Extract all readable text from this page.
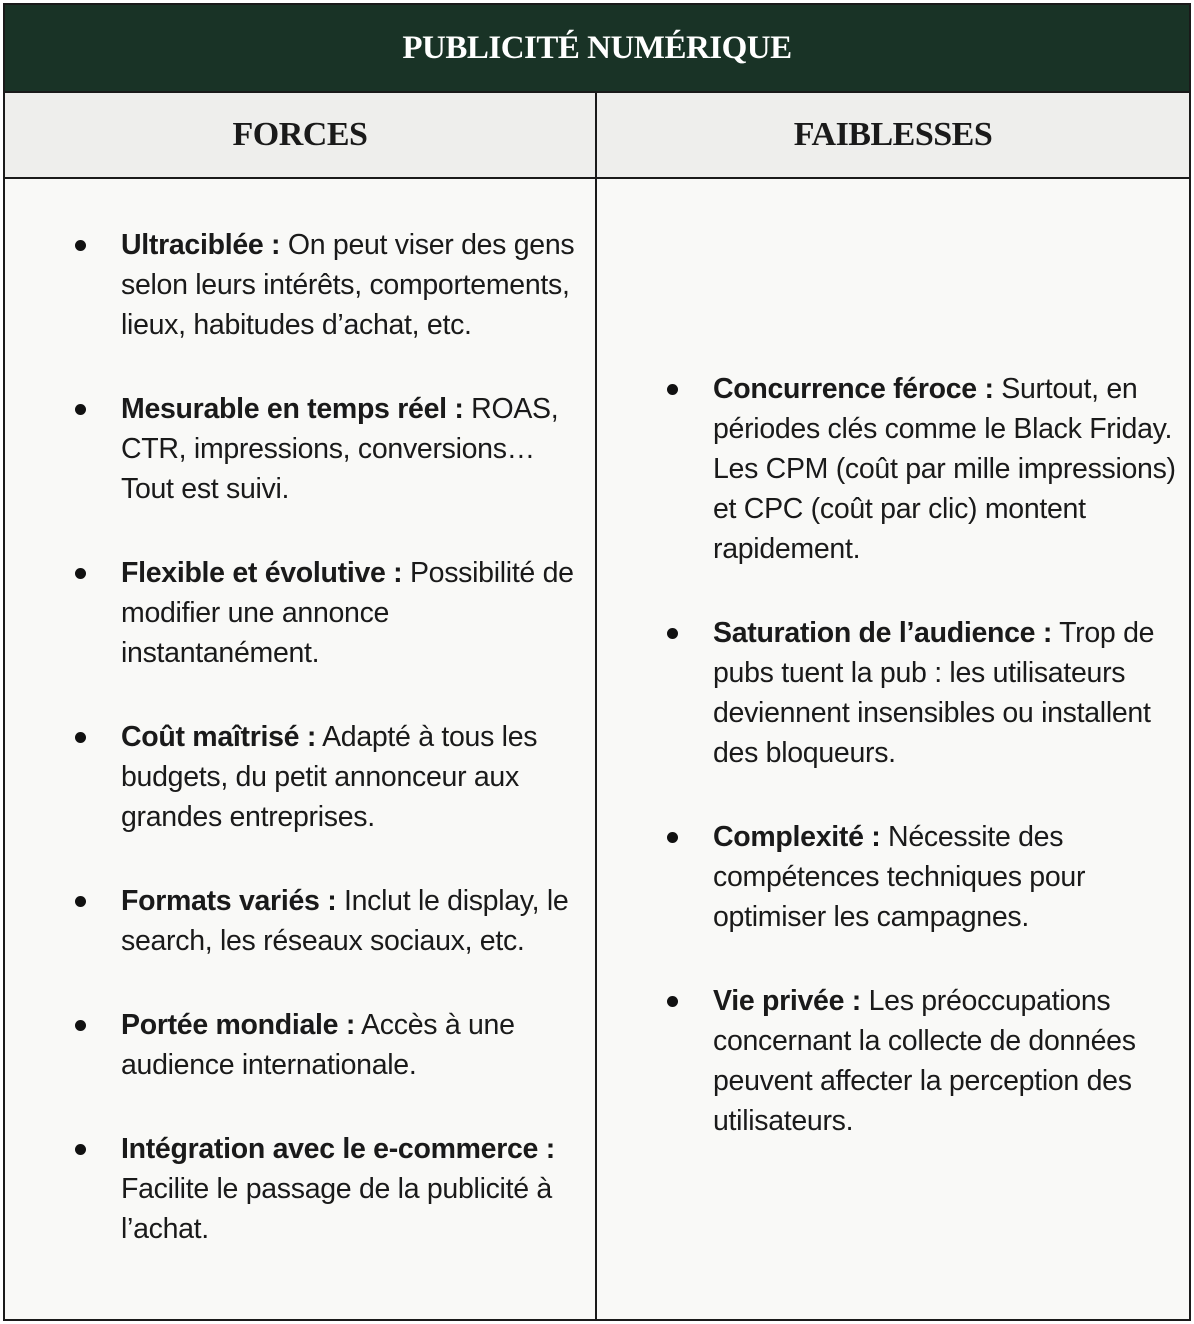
PUBLICITÉ NUMÉRIQUE
FORCES	FAIBLESSES
Ultraciblée : On peut viser des gens selon leurs intérêts, comportements, lieux, habitudes d’achat, etc.
Mesurable en temps réel : ROAS, CTR, impressions, conversions… Tout est suivi.
Flexible et évolutive : Possibilité de modifier une annonce instantanément.
Coût maîtrisé : Adapté à tous les budgets, du petit annonceur aux grandes entreprises.
Formats variés : Inclut le display, le search, les réseaux sociaux, etc.
Portée mondiale : Accès à une audience internationale.
Intégration avec le e-commerce : Facilite le passage de la publicité à l’achat.
Concurrence féroce : Surtout, en périodes clés comme le Black Friday. Les CPM (coût par mille impressions) et CPC (coût par clic) montent rapidement.
Saturation de l’audience : Trop de pubs tuent la pub : les utilisateurs deviennent insensibles ou installent des bloqueurs.
Complexité : Nécessite des compétences techniques pour optimiser les campagnes.
Vie privée : Les préoccupations concernant la collecte de données peuvent affecter la perception des utilisateurs.
